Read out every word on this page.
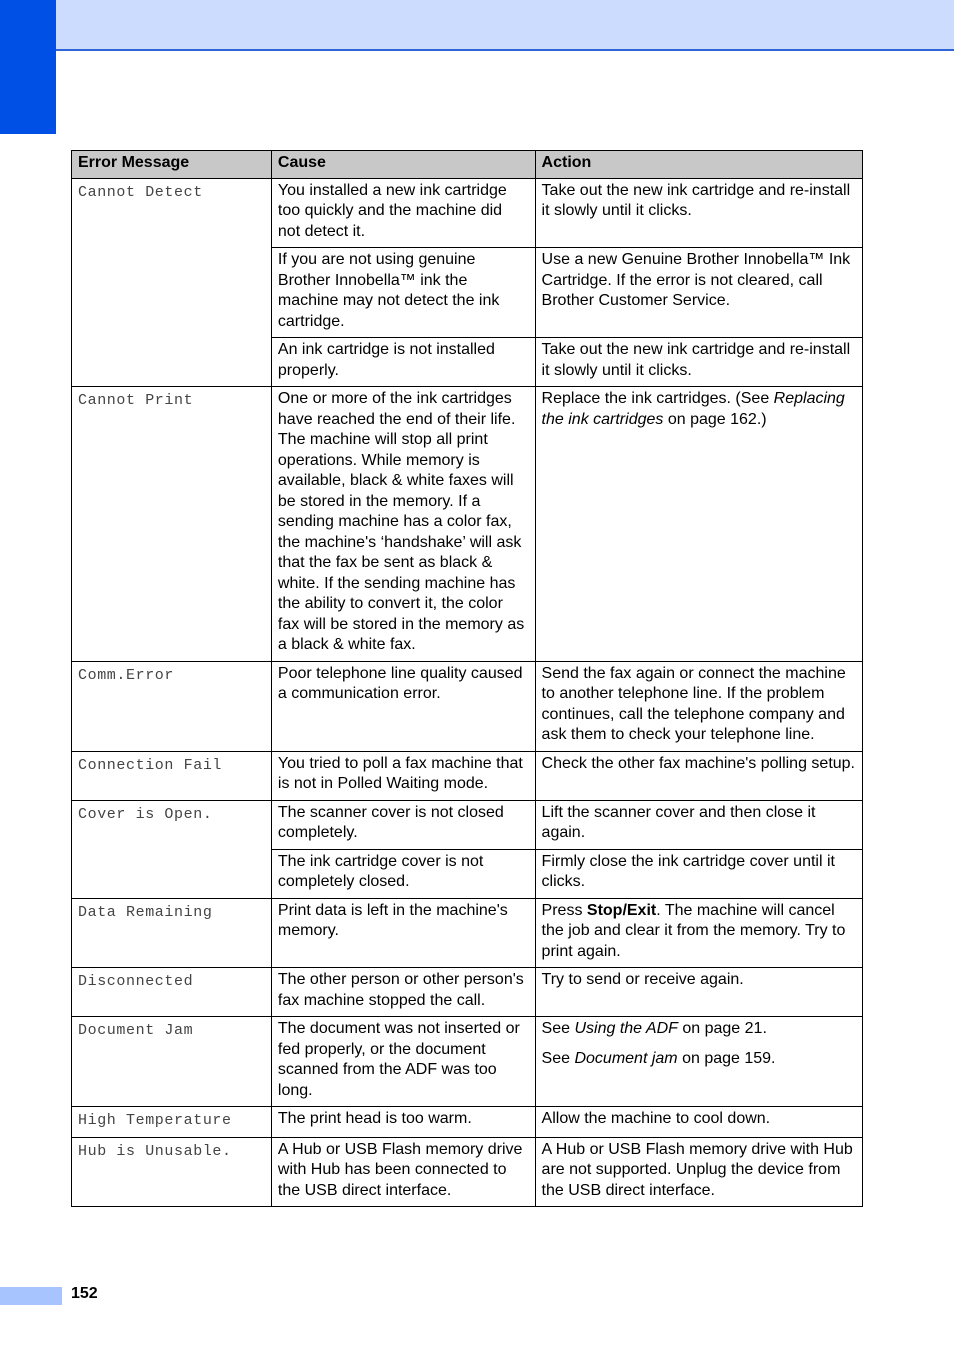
Error Message	Cause	Action

Cannot Detect	You installed a new ink cartridge too quickly and the machine did not detect it.	Take out the new ink cartridge and re-install it slowly until it clicks.
	If you are not using genuine Brother Innobella™ ink the machine may not detect the ink cartridge.	Use a new Genuine Brother Innobella™ Ink Cartridge. If the error is not cleared, call Brother Customer Service.
	An ink cartridge is not installed properly.	Take out the new ink cartridge and re-install it slowly until it clicks.

Cannot Print	One or more of the ink cartridges have reached the end of their life. The machine will stop all print operations. While memory is available, black & white faxes will be stored in the memory. If a sending machine has a color fax, the machine's ‘handshake’ will ask that the fax be sent as black & white. If the sending machine has the ability to convert it, the color fax will be stored in the memory as a black & white fax.	Replace the ink cartridges. (See Replacing the ink cartridges on page 162.)

Comm.Error	Poor telephone line quality caused a communication error.	Send the fax again or connect the machine to another telephone line. If the problem continues, call the telephone company and ask them to check your telephone line.

Connection Fail	You tried to poll a fax machine that is not in Polled Waiting mode.	Check the other fax machine's polling setup.

Cover is Open.	The scanner cover is not closed completely.	Lift the scanner cover and then close it again.
	The ink cartridge cover is not completely closed.	Firmly close the ink cartridge cover until it clicks.

Data Remaining	Print data is left in the machine's memory.	Press Stop/Exit. The machine will cancel the job and clear it from the memory. Try to print again.

Disconnected	The other person or other person's fax machine stopped the call.	Try to send or receive again.

Document Jam	The document was not inserted or fed properly, or the document scanned from the ADF was too long.	See Using the ADF on page 21.
See Document jam on page 159.

High Temperature	The print head is too warm.	Allow the machine to cool down.

Hub is Unusable.	A Hub or USB Flash memory drive with Hub has been connected to the USB direct interface.	A Hub or USB Flash memory drive with Hub are not supported. Unplug the device from the USB direct interface.
152
